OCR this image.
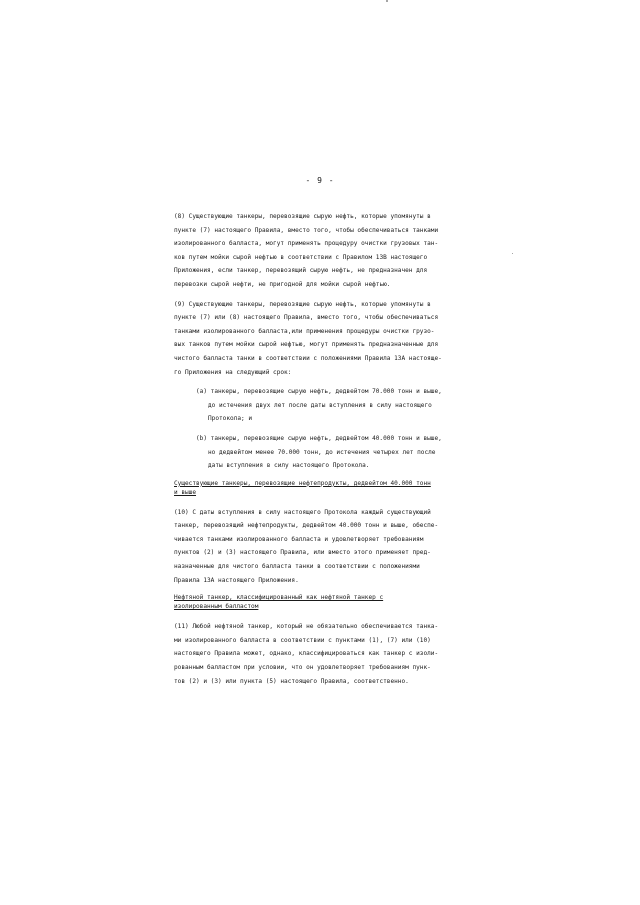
- 9 -
(8) Существующие танкеры, перевозящие сырую нефть, которые упомянуты в
пункте (7) настоящего Правила, вместо того, чтобы обеспечиваться танками
изолированного балласта, могут применять процедуру очистки грузовых тан-
ков путем мойки сырой нефтью в соответствии с Правилом 13В настоящего
Приложения, если танкер, перевозящий сырую нефть, не предназначен для
перевозки сырой нефти, не пригодной для мойки сырой нефтью.
(9) Существующие танкеры, перевозящие сырую нефть, которые упомянуты в
пункте (7) или (8) настоящего Правила, вместо того, чтобы обеспечиваться
танками изолированного балласта,или применения процедуры очистки грузо-
вых танков путем мойки сырой нефтью, могут применять предназначенные для
чистого балласта танки в соответствии с положениями Правила 13А настояще-
го Приложения на следующий срок:
(a) танкеры, перевозящие сырую нефть, дедвейтом 70.000 тонн и выше,
до истечения двух лет после даты вступления в силу настоящего
Протокола; и
(b) танкеры, перевозящие сырую нефть, дедвейтом 40.000 тонн и выше,
но дедвейтом менее 70.000 тонн, до истечения четырех лет после
даты вступления в силу настоящего Протокола.
Существующие танкеры, перевозящие нефтепродукты, дедвейтом 40.000 тонн
и выше
(10) С даты вступления в силу настоящего Протокола каждый существующий
танкер, перевозящий нефтепродукты, дедвейтом 40.000 тонн и выше, обеспе-
чивается танками изолированного балласта и удовлетворяет требованиям
пунктов (2) и (3) настоящего Правила, или вместо этого применяет пред-
назначенные для чистого балласта танки в соответствии с положениями
Правила 13А настоящего Приложения.
Нефтяной танкер, классифицированный как нефтяной танкер с
изолированным балластом
(11) Любой нефтяной танкер, который не обязательно обеспечивается танка-
ми изолированного балласта в соответствии с пунктами (1), (7) или (10)
настоящего Правила может, однако, классифицироваться как танкер с изоли-
рованным балластом при условии, что он удовлетворяет требованиям пунк-
тов (2) и (3) или пункта (5) настоящего Правила, соответственно.
